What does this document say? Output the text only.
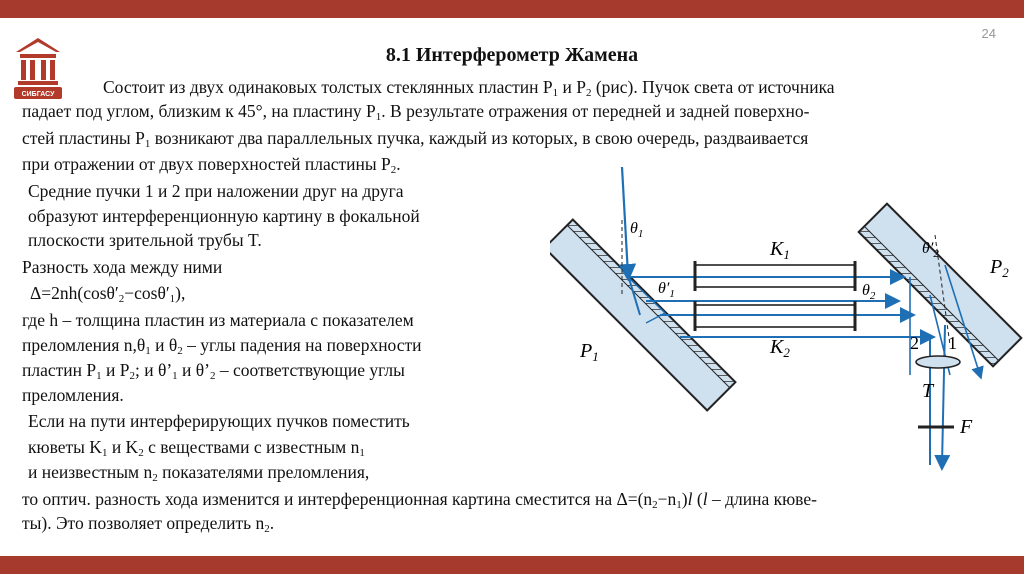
24
СИБГАСУ
8.1 Интерферометр Жамена
Состоит из двух одинаковых толстых стеклянных пластин $P_1$ и $P_2$ (рис). Пучок света от источника
падает под углом, близким к 45°, на пластину $P_1$. В результате отражения от передней и задней поверхно-
стей пластины $P_1$ возникают два параллельных пучка, каждый из которых, в свою очередь, раздваивается
при отражении от двух поверхностей пластины $P_2$.
Средние пучки 1 и 2 при наложении друг на друга
образуют интерференционную картину в фокальной
плоскости зрительной трубы T.
Разность хода между ними
$\Delta=2nh(\cos\theta'_2-\cos\theta'_1)$,
где h – толщина пластин из материала с показателем
преломления $n,\theta_1$ и $\theta_2$ – углы падения на поверхности
пластин $P_1$ и $P_2$; и $\theta’_1$ и $\theta’_2$ – соответствующие углы
преломления.
Если на пути интерферирующих пучков поместить
кюветы $K_1$ и $K_2$ с веществами с известным $n_1$
и неизвестным $n_2$ показателями преломления,
то оптич. разность хода изменится и интерференционная картина сместится на $\Delta=(n_2-n_1)l$ (l – длина кюве-
ты). Это позволяет определить $n_2$.
$\theta_1$
$\theta'_1$	$\theta_2$
$\theta'_2$
$K_1$
$K_2$
$P_1$
$P_2$
2 1
T
F
